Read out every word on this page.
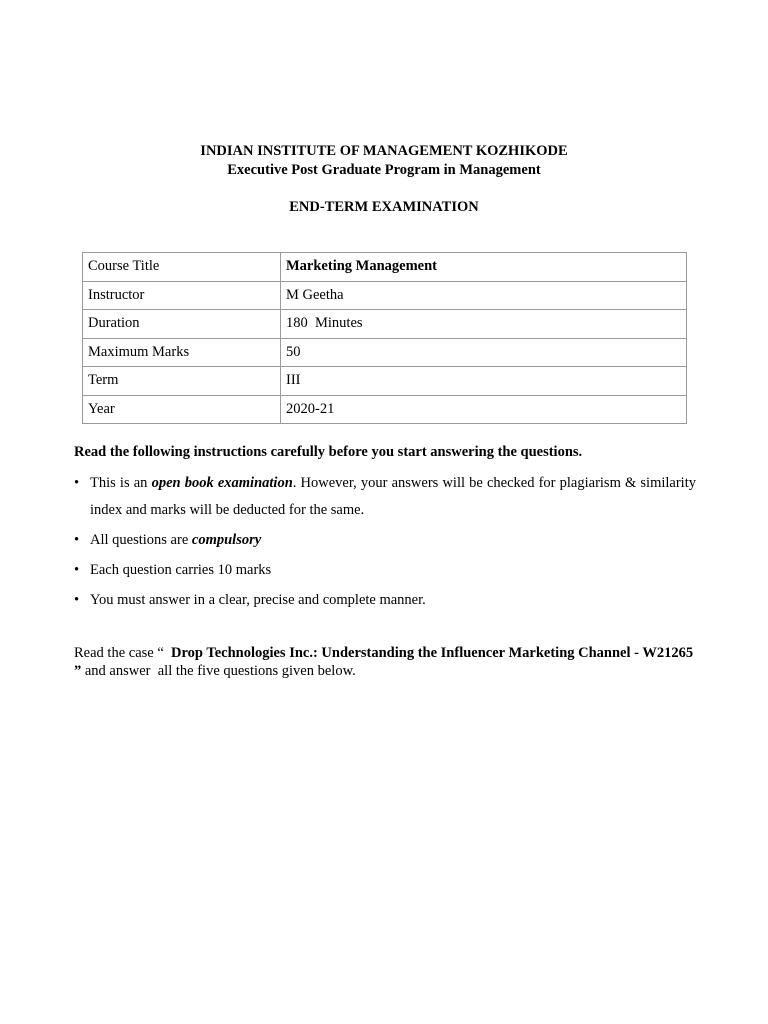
INDIAN INSTITUTE OF MANAGEMENT KOZHIKODE
Executive Post Graduate Program in Management
END-TERM EXAMINATION
Course Title	Marketing Management
Instructor	M Geetha
Duration	180  Minutes
Maximum Marks	50
Term	III
Year	2020-21
Read the following instructions carefully before you start answering the questions.
• This is an open book examination. However, your answers will be checked for plagiarism & similarity index and marks will be deducted for the same.
• All questions are compulsory
• Each question carries 10 marks
• You must answer in a clear, precise and complete manner.
Read the case “  Drop Technologies Inc.: Understanding the Influencer Marketing Channel - W21265 ” and answer  all the five questions given below.
